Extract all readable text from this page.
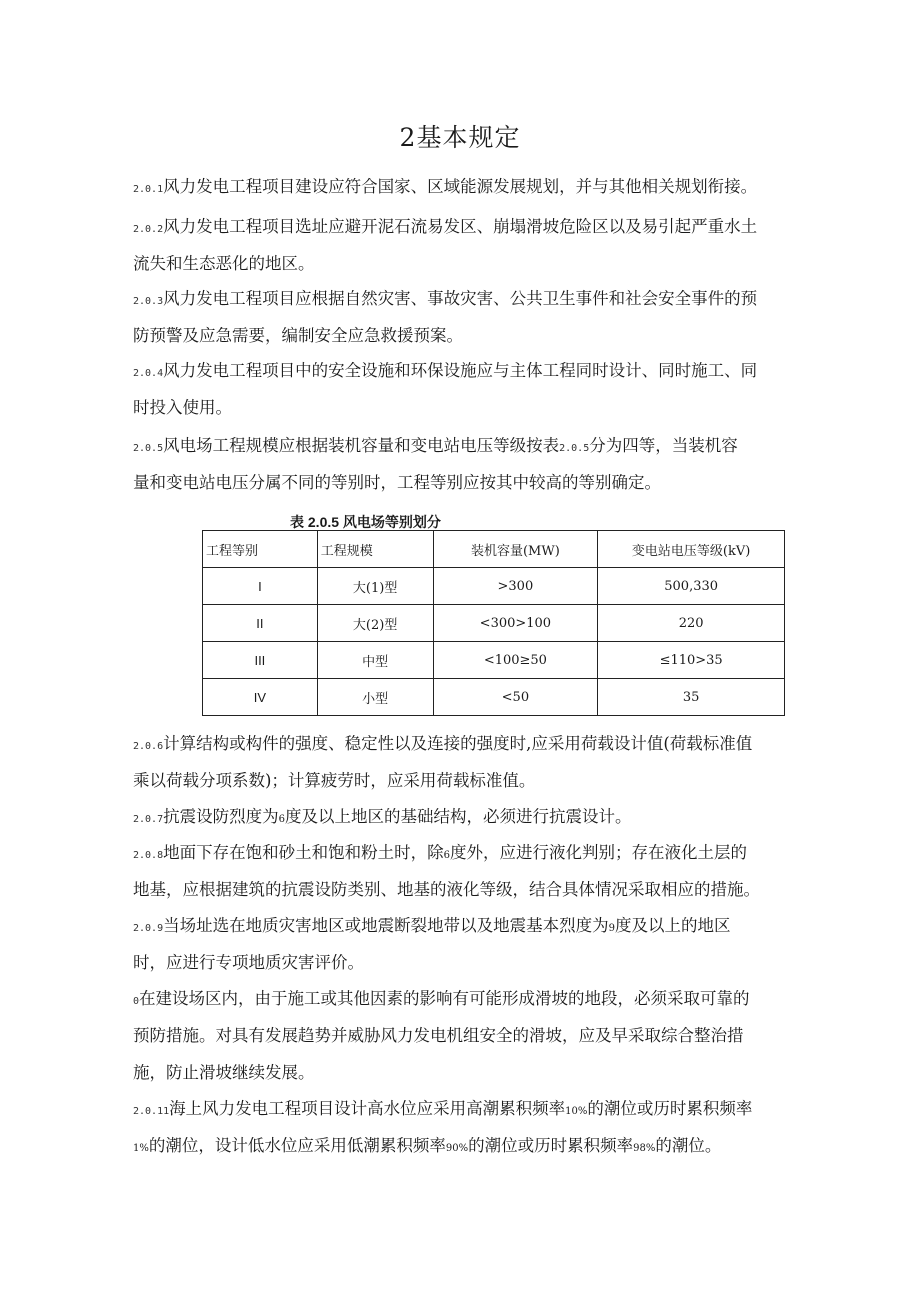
2基本规定
2.0.1风力发电工程项目建设应符合国家、区域能源发展规划，并与其他相关规划衔接。
2.0.2风力发电工程项目选址应避开泥石流易发区、崩塌滑坡危险区以及易引起严重水土
流失和生态恶化的地区。
2.0.3风力发电工程项目应根据自然灾害、事故灾害、公共卫生事件和社会安全事件的预
防预警及应急需要，编制安全应急救援预案。
2.0.4风力发电工程项目中的安全设施和环保设施应与主体工程同时设计、同时施工、同
时投入使用。
2.0.5风电场工程规模应根据装机容量和变电站电压等级按表2.0.5分为四等，当装机容
量和变电站电压分属不同的等别时，工程等别应按其中较高的等别确定。
表 2.0.5 风电场等别划分
工程等别	工程规模	装机容量(MW)	变电站电压等级(kV)
I	大(1)型	>300	500,330
II	大(2)型	<300>100	220
III	中型	<100≥50	≤110>35
IV	小型	<50	35
2.0.6计算结构或构件的强度、稳定性以及连接的强度时,应采用荷载设计值(荷载标准值
乘以荷载分项系数)；计算疲劳时，应采用荷载标准值。
2.0.7抗震设防烈度为6度及以上地区的基础结构，必须进行抗震设计。
2.0.8地面下存在饱和砂土和饱和粉土时，除6度外，应进行液化判别；存在液化土层的
地基，应根据建筑的抗震设防类别、地基的液化等级，结合具体情况采取相应的措施。
2.0.9当场址选在地质灾害地区或地震断裂地带以及地震基本烈度为9度及以上的地区
时，应进行专项地质灾害评价。
0在建设场区内，由于施工或其他因素的影响有可能形成滑坡的地段，必须采取可靠的
预防措施。对具有发展趋势并威胁风力发电机组安全的滑坡，应及早采取综合整治措
施，防止滑坡继续发展。
2.0.11海上风力发电工程项目设计高水位应采用高潮累积频率10%的潮位或历时累积频率
1%的潮位，设计低水位应采用低潮累积频率90%的潮位或历时累积频率98%的潮位。
